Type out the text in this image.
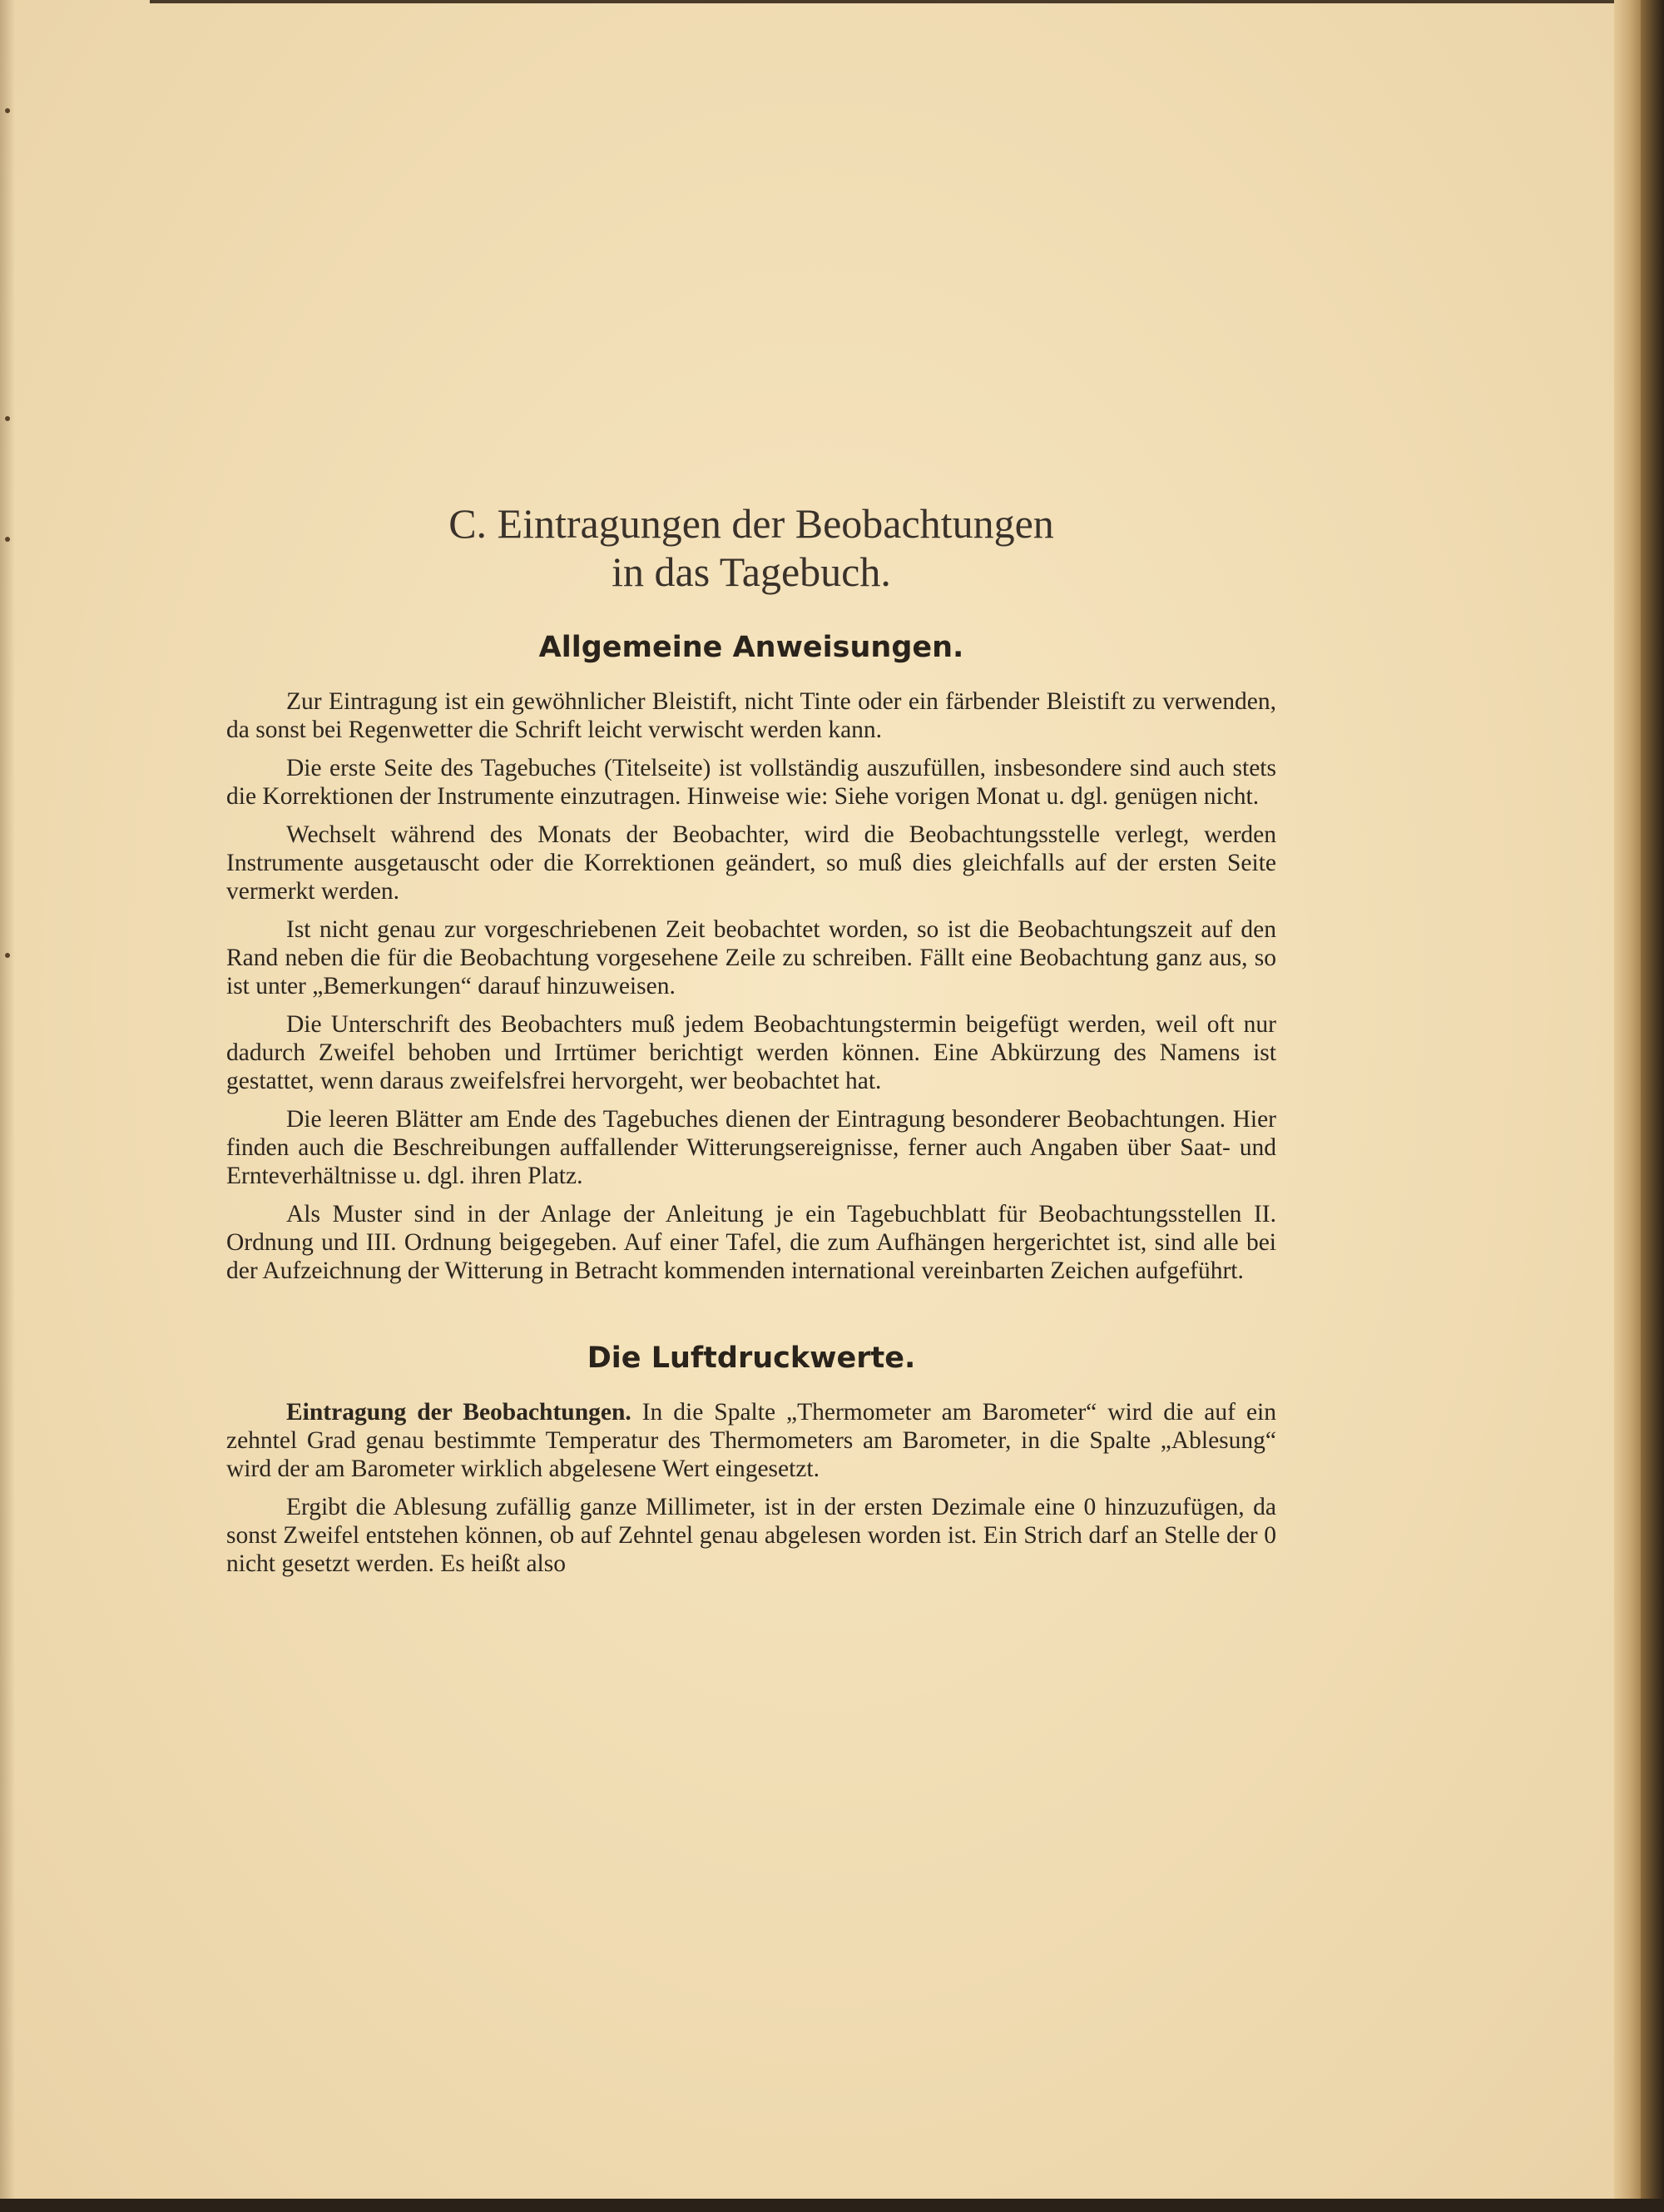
C. Eintragungen der Beobachtungen
in das Tagebuch.
Allgemeine Anweisungen.

Zur Eintragung ist ein gewöhnlicher Bleistift, nicht Tinte oder ein färbender Bleistift zu verwenden, da sonst bei Regenwetter die Schrift leicht verwischt werden kann.

Die erste Seite des Tagebuches (Titelseite) ist vollständig auszufüllen, insbesondere sind auch stets die Korrektionen der Instrumente einzutragen. Hinweise wie: Siehe vorigen Monat u. dgl. genügen nicht.

Wechselt während des Monats der Beobachter, wird die Beobachtungsstelle verlegt, werden Instrumente ausgetauscht oder die Korrektionen geändert, so muß dies gleichfalls auf der ersten Seite vermerkt werden.

Ist nicht genau zur vorgeschriebenen Zeit beobachtet worden, so ist die Beobachtungszeit auf den Rand neben die für die Beobachtung vorgesehene Zeile zu schreiben. Fällt eine Beobachtung ganz aus, so ist unter „Bemerkungen“ darauf hinzuweisen.

Die Unterschrift des Beobachters muß jedem Beobachtungstermin beigefügt werden, weil oft nur dadurch Zweifel behoben und Irrtümer berichtigt werden können. Eine Abkürzung des Namens ist gestattet, wenn daraus zweifelsfrei hervorgeht, wer beobachtet hat.

Die leeren Blätter am Ende des Tagebuches dienen der Eintragung besonderer Beobachtungen. Hier finden auch die Beschreibungen auffallender Witterungsereignisse, ferner auch Angaben über Saat- und Ernteverhältnisse u. dgl. ihren Platz.

Als Muster sind in der Anlage der Anleitung je ein Tagebuchblatt für Beobachtungsstellen II. Ordnung und III. Ordnung beigegeben. Auf einer Tafel, die zum Aufhängen hergerichtet ist, sind alle bei der Aufzeichnung der Witterung in Betracht kommenden international vereinbarten Zeichen aufgeführt.

Die Luftdruckwerte.

Eintragung der Beobachtungen. In die Spalte „Thermometer am Barometer“ wird die auf ein zehntel Grad genau bestimmte Temperatur des Thermometers am Barometer, in die Spalte „Ablesung“ wird der am Barometer wirklich abgelesene Wert eingesetzt.

Ergibt die Ablesung zufällig ganze Millimeter, ist in der ersten Dezimale eine 0 hinzuzufügen, da sonst Zweifel entstehen können, ob auf Zehntel genau abgelesen worden ist. Ein Strich darf an Stelle der 0 nicht gesetzt werden. Es heißt also
